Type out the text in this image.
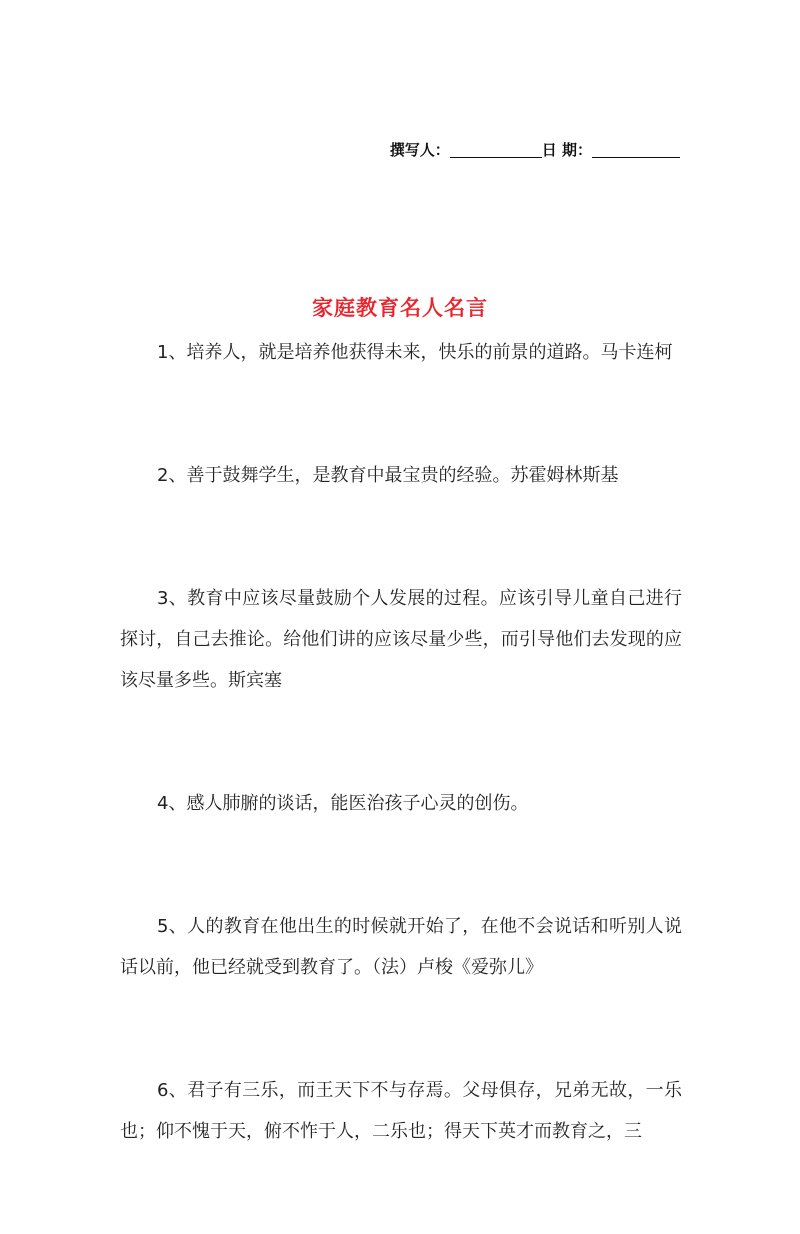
撰写人：	日 期：
家庭教育名人名言

1、培养人，就是培养他获得未来，快乐的前景的道路。马卡连柯

2、善于鼓舞学生，是教育中最宝贵的经验。苏霍姆林斯基

3、教育中应该尽量鼓励个人发展的过程。应该引导儿童自己进行探讨，自己去推论。给他们讲的应该尽量少些，而引导他们去发现的应该尽量多些。斯宾塞

4、感人肺腑的谈话，能医治孩子心灵的创伤。

5、人的教育在他出生的时候就开始了，在他不会说话和听别人说话以前，他已经就受到教育了。（法）卢梭《爱弥儿》

6、君子有三乐，而王天下不与存焉。父母俱存，兄弟无故，一乐也；仰不愧于天，俯不怍于人，二乐也；得天下英才而教育之，三
